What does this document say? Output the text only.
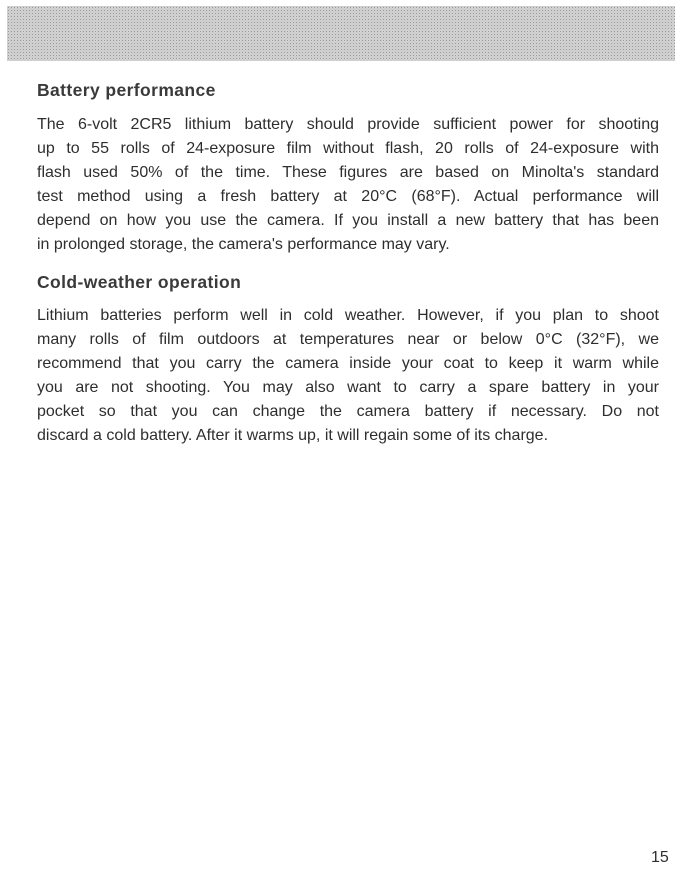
Battery performance

The 6-volt 2CR5 lithium battery should provide sufficient power for shooting
up to 55 rolls of 24-exposure film without flash, 20 rolls of 24-exposure with
flash used 50% of the time. These figures are based on Minolta's standard
test method using a fresh battery at 20°C (68°F). Actual performance will
depend on how you use the camera. If you install a new battery that has been
in prolonged storage, the camera's performance may vary.

Cold-weather operation

Lithium batteries perform well in cold weather. However, if you plan to shoot
many rolls of film outdoors at temperatures near or below 0°C (32°F), we
recommend that you carry the camera inside your coat to keep it warm while
you are not shooting. You may also want to carry a spare battery in your
pocket so that you can change the camera battery if necessary. Do not
discard a cold battery. After it warms up, it will regain some of its charge.

15
